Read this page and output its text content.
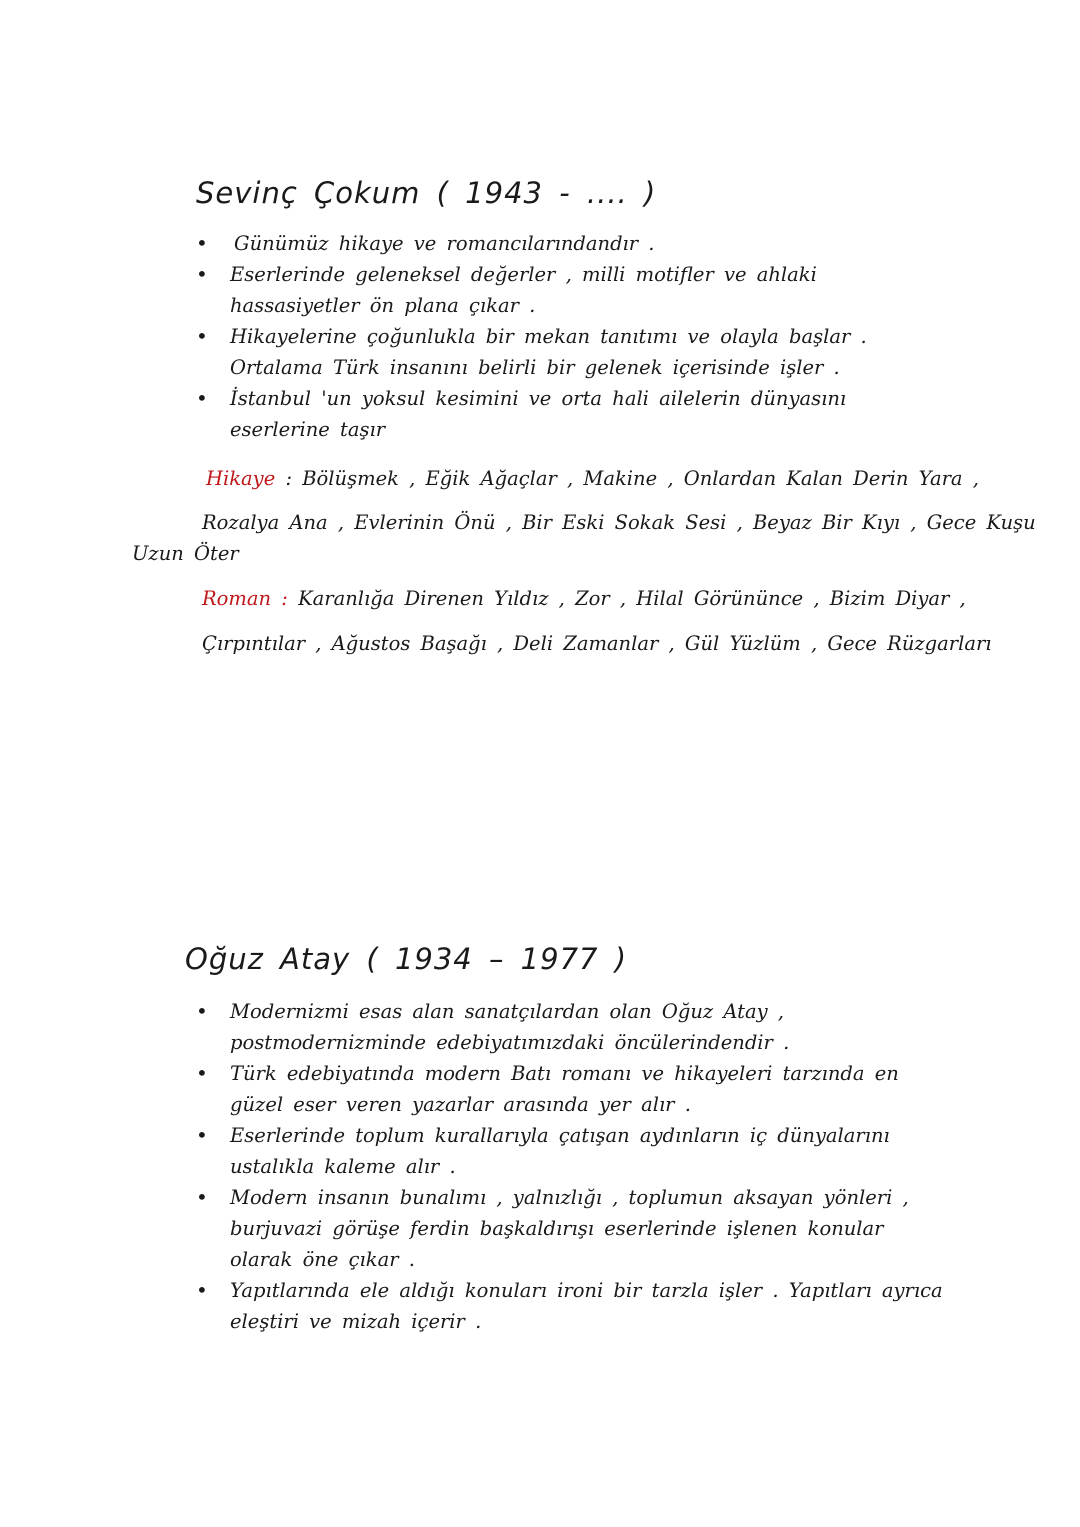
Sevinç Çokum ( 1943 - .... )
• Günümüz hikaye ve romancılarındandır .
• Eserlerinde geleneksel değerler , milli motifler ve ahlaki hassasiyetler ön plana çıkar .
• Hikayelerine çoğunlukla bir mekan tanıtımı ve olayla başlar . Ortalama Türk insanını belirli bir gelenek içerisinde işler .
• İstanbul 'un yoksul kesimini ve orta hali ailelerin dünyasını eserlerine taşır

Hikaye : Bölüşmek , Eğik Ağaçlar , Makine , Onlardan Kalan Derin Yara ,

Rozalya Ana , Evlerinin Önü , Bir Eski Sokak Sesi , Beyaz Bir Kıyı , Gece Kuşu

Uzun Öter

Roman : Karanlığa Direnen Yıldız , Zor , Hilal Görününce , Bizim Diyar ,

Çırpıntılar , Ağustos Başağı , Deli Zamanlar , Gül Yüzlüm , Gece Rüzgarları

Oğuz Atay ( 1934 – 1977 )
• Modernizmi esas alan sanatçılardan olan Oğuz Atay , postmodernizminde edebiyatımızdaki öncülerindendir .
• Türk edebiyatında modern Batı romanı ve hikayeleri tarzında en güzel eser veren yazarlar arasında yer alır .
• Eserlerinde toplum kurallarıyla çatışan aydınların iç dünyalarını ustalıkla kaleme alır .
• Modern insanın bunalımı , yalnızlığı , toplumun aksayan yönleri , burjuvazi görüşe ferdin başkaldırışı eserlerinde işlenen konular olarak öne çıkar .
• Yapıtlarında ele aldığı konuları ironi bir tarzla işler . Yapıtları ayrıca eleştiri ve mizah içerir .
